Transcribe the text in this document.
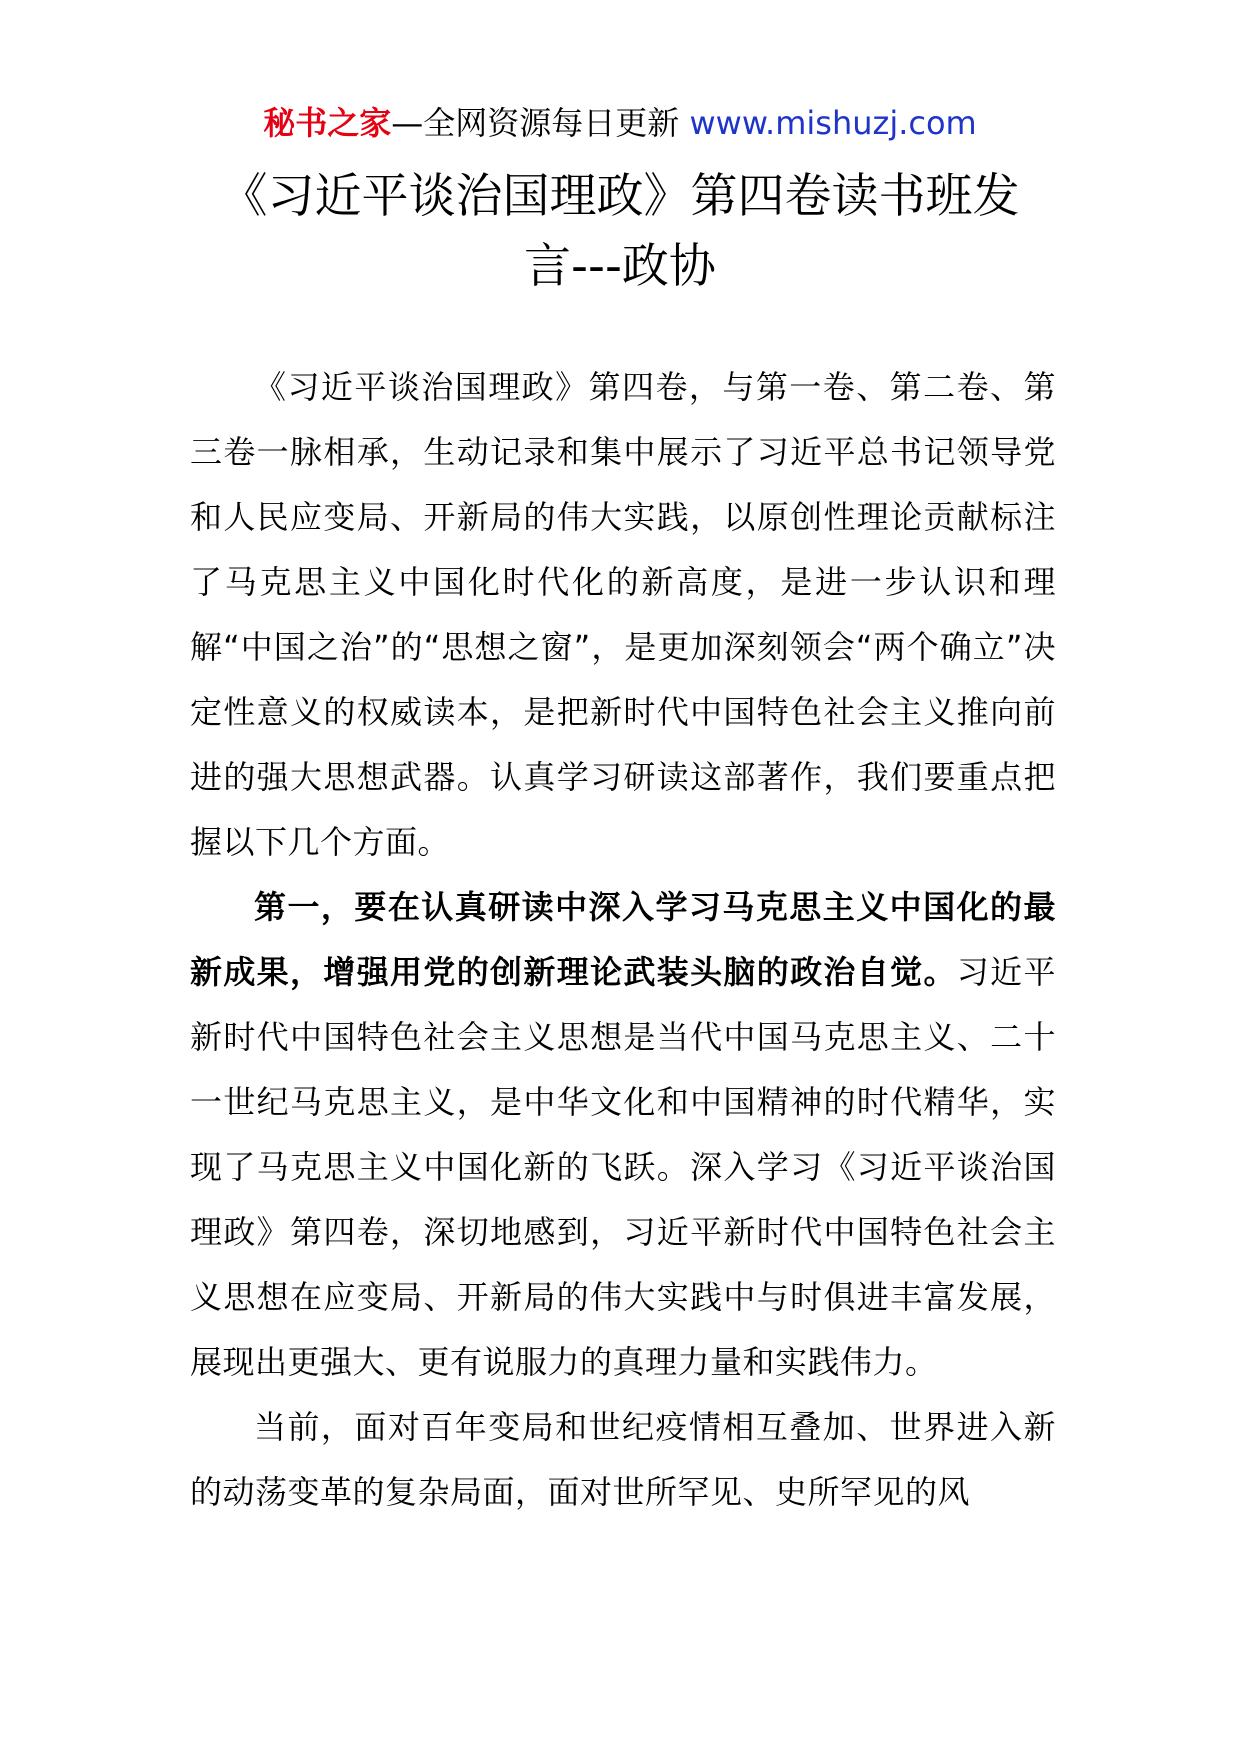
秘书之家—全网资源每日更新 www.mishuzj.com
《习近平谈治国理政》第四卷读书班发
言---政协

《习近平谈治国理政》第四卷，与第一卷、第二卷、第三卷一脉相承，生动记录和集中展示了习近平总书记领导党和人民应变局、开新局的伟大实践，以原创性理论贡献标注了马克思主义中国化时代化的新高度，是进一步认识和理解“中国之治”的“思想之窗”，是更加深刻领会“两个确立”决定性意义的权威读本，是把新时代中国特色社会主义推向前进的强大思想武器。认真学习研读这部著作，我们要重点把握以下几个方面。

第一，要在认真研读中深入学习马克思主义中国化的最新成果，增强用党的创新理论武装头脑的政治自觉。习近平新时代中国特色社会主义思想是当代中国马克思主义、二十一世纪马克思主义，是中华文化和中国精神的时代精华，实现了马克思主义中国化新的飞跃。深入学习《习近平谈治国理政》第四卷，深切地感到，习近平新时代中国特色社会主义思想在应变局、开新局的伟大实践中与时俱进丰富发展，展现出更强大、更有说服力的真理力量和实践伟力。

当前，面对百年变局和世纪疫情相互叠加、世界进入新的动荡变革的复杂局面，面对世所罕见、史所罕见的风
